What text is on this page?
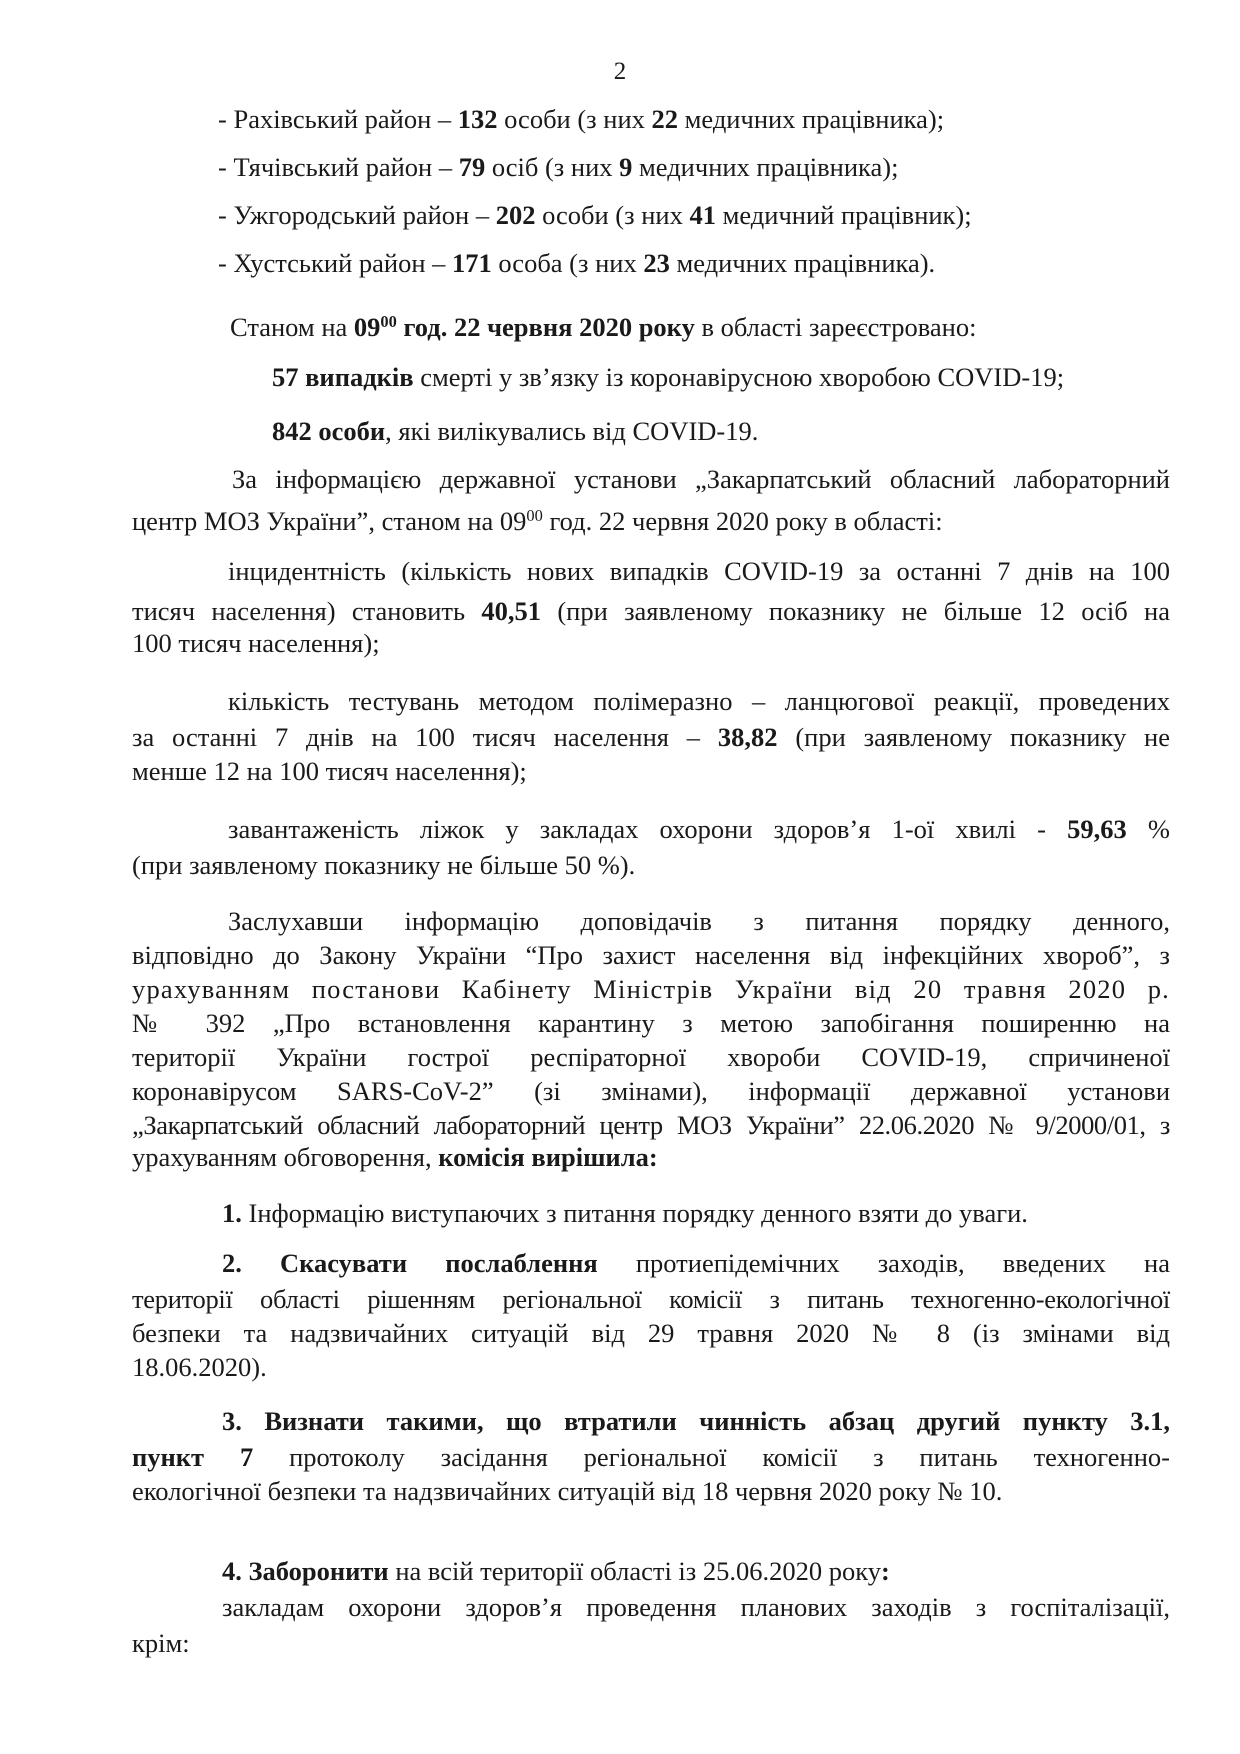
2
- Рахівський район – 132 особи (з них 22 медичних працівника);
- Тячівський район – 79 осіб (з них 9 медичних працівника);
- Ужгородський район – 202 особи (з них 41 медичний працівник);
- Хустський район – 171 особа (з них 23 медичних працівника).
Станом на $09^{00}$ год. 22 червня 2020 року в області зареєстровано:
57 випадків смерті у зв’язку із коронавірусною хворобою COVID-19;
842 особи, які вилікувались від COVID-19.
За інформацією державної установи „Закарпатський обласний лабораторний
центр МОЗ України”, станом на $09^{00}$ год. 22 червня 2020 року в області:
інцидентність (кількість нових випадків COVID-19 за останні 7 днів на 100
тисяч населення) становить 40,51 (при заявленому показнику не більше 12 осіб на
100 тисяч населення);
кількість тестувань методом полімеразно – ланцюгової реакції, проведених
за останні 7 днів на 100 тисяч населення – 38,82 (при заявленому показнику не
менше 12 на 100 тисяч населення);
завантаженість ліжок у закладах охорони здоров’я 1-ої хвилі - 59,63 %
(при заявленому показнику не більше 50 %).
Заслухавши інформацію доповідачів з питання порядку денного,
відповідно до Закону України “Про захист населення від інфекційних хвороб”, з
урахуванням постанови Кабінету Міністрів України від 20 травня 2020 р.
№ 392 „Про встановлення карантину з метою запобігання поширенню на
території України гострої респіраторної хвороби COVID-19, спричиненої
коронавірусом SARS-CoV-2” (зі змінами), інформації державної установи
„Закарпатський обласний лабораторний центр МОЗ України” 22.06.2020 № 9/2000/01, з
урахуванням обговорення, комісія вирішила:
1. Інформацію виступаючих з питання порядку денного взяти до уваги.
2. Скасувати послаблення протиепідемічних заходів, введених на
території області рішенням регіональної комісії з питань техногенно-екологічної
безпеки та надзвичайних ситуацій від 29 травня 2020 № 8 (із змінами від
18.06.2020).
3. Визнати такими, що втратили чинність абзац другий пункту 3.1,
пункт 7 протоколу засідання регіональної комісії з питань техногенно-
екологічної безпеки та надзвичайних ситуацій від 18 червня 2020 року № 10.
4. Заборонити на всій території області із 25.06.2020 року:
закладам охорони здоров’я проведення планових заходів з госпіталізації,
крім:
